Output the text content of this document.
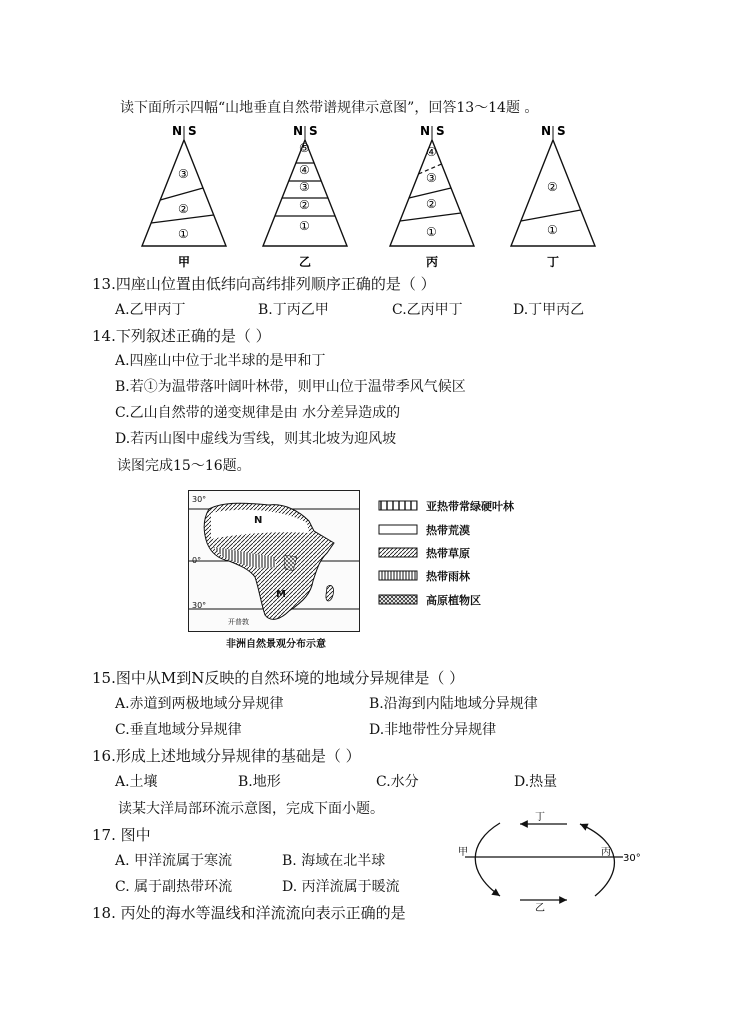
读下面所示四幅“山地垂直自然带谱规律示意图”，回答13～14题 。
N S
③
②
①
甲
N S
⑤
④
③
②
①
乙
N S
④
③
②
①
丙
N S
②
①
丁
13.四座山位置由低纬向高纬排列顺序正确的是（ ）
A.乙甲丙丁	B.丁丙乙甲	C.乙丙甲丁	D.丁甲丙乙
14.下列叙述正确的是（ ）
A.四座山中位于北半球的是甲和丁
B.若①为温带落叶阔叶林带，则甲山位于温带季风气候区
C.乙山自然带的递变规律是由 水分差异造成的
D.若丙山图中虚线为雪线，则其北坡为迎风坡
读图完成15～16题。
30°
0°
30°
N
M
开普敦
非洲自然景观分布示意
亚热带常绿硬叶林
热带荒漠
热带草原
热带雨林
高原植物区
15.图中从M到N反映的自然环境的地域分异规律是（ ）
A.赤道到两极地域分异规律	B.沿海到内陆地域分异规律
C.垂直地域分异规律	D.非地带性分异规律
16.形成上述地域分异规律的基础是（ ）
A.土壤	B.地形	C.水分	D.热量
读某大洋局部环流示意图，完成下面小题。
17. 图中
A. 甲洋流属于寒流	B. 海域在北半球
C. 属于副热带环流	D. 丙洋流属于暖流
丁
甲	丙
乙
30°
18. 丙处的海水等温线和洋流流向表示正确的是
